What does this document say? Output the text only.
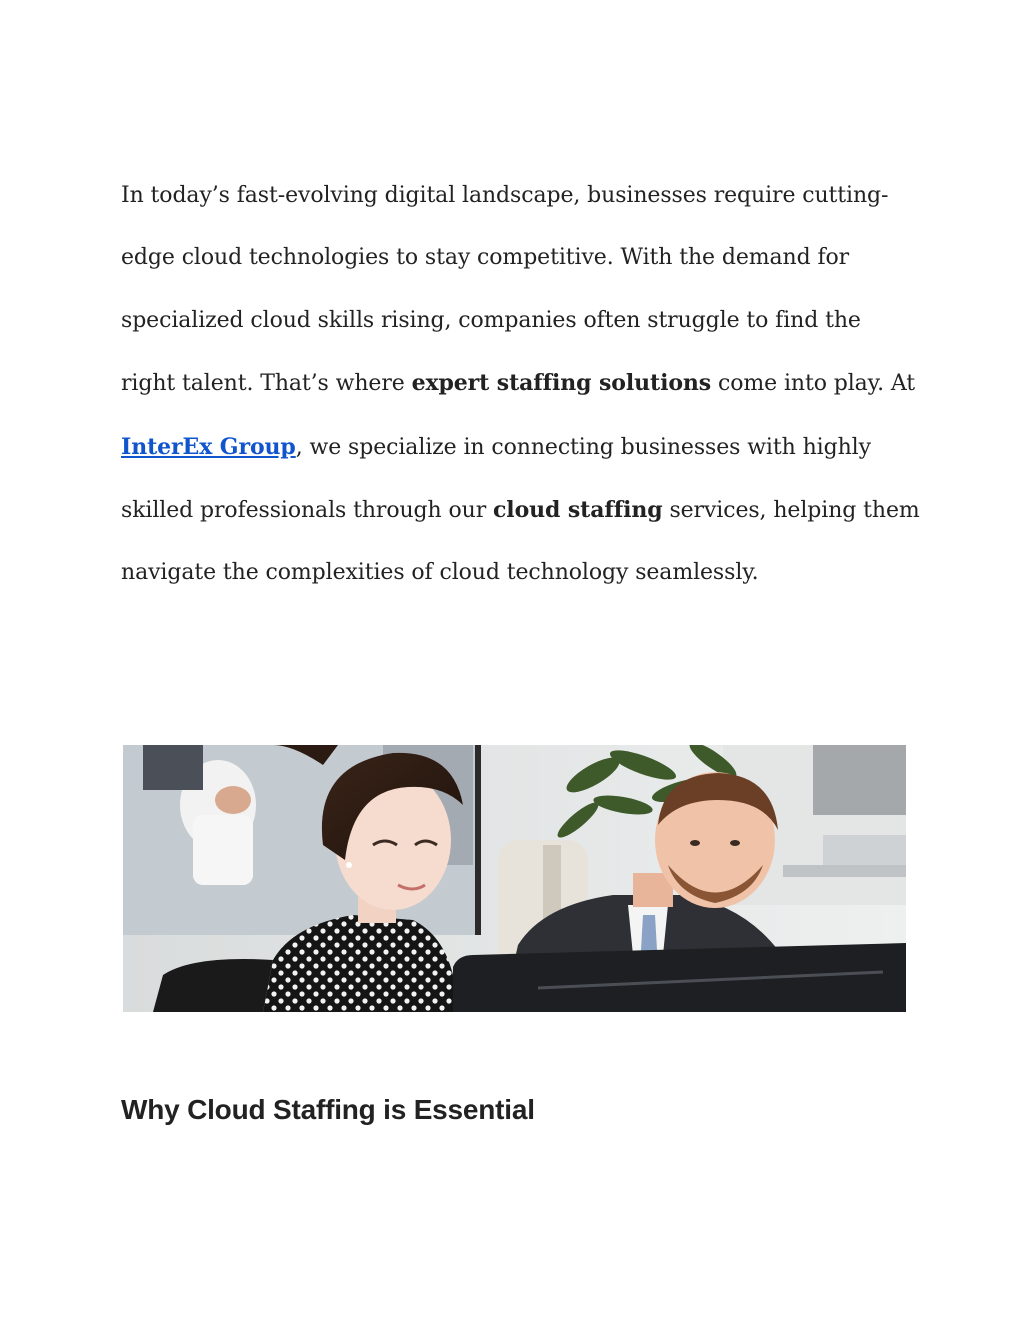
In today’s fast-evolving digital landscape, businesses require cutting-edge cloud technologies to stay competitive. With the demand for specialized cloud skills rising, companies often struggle to find the right talent. That’s where expert staffing solutions come into play. At InterEx Group, we specialize in connecting businesses with highly skilled professionals through our cloud staffing services, helping them navigate the complexities of cloud technology seamlessly.

Why Cloud Staffing is Essential
